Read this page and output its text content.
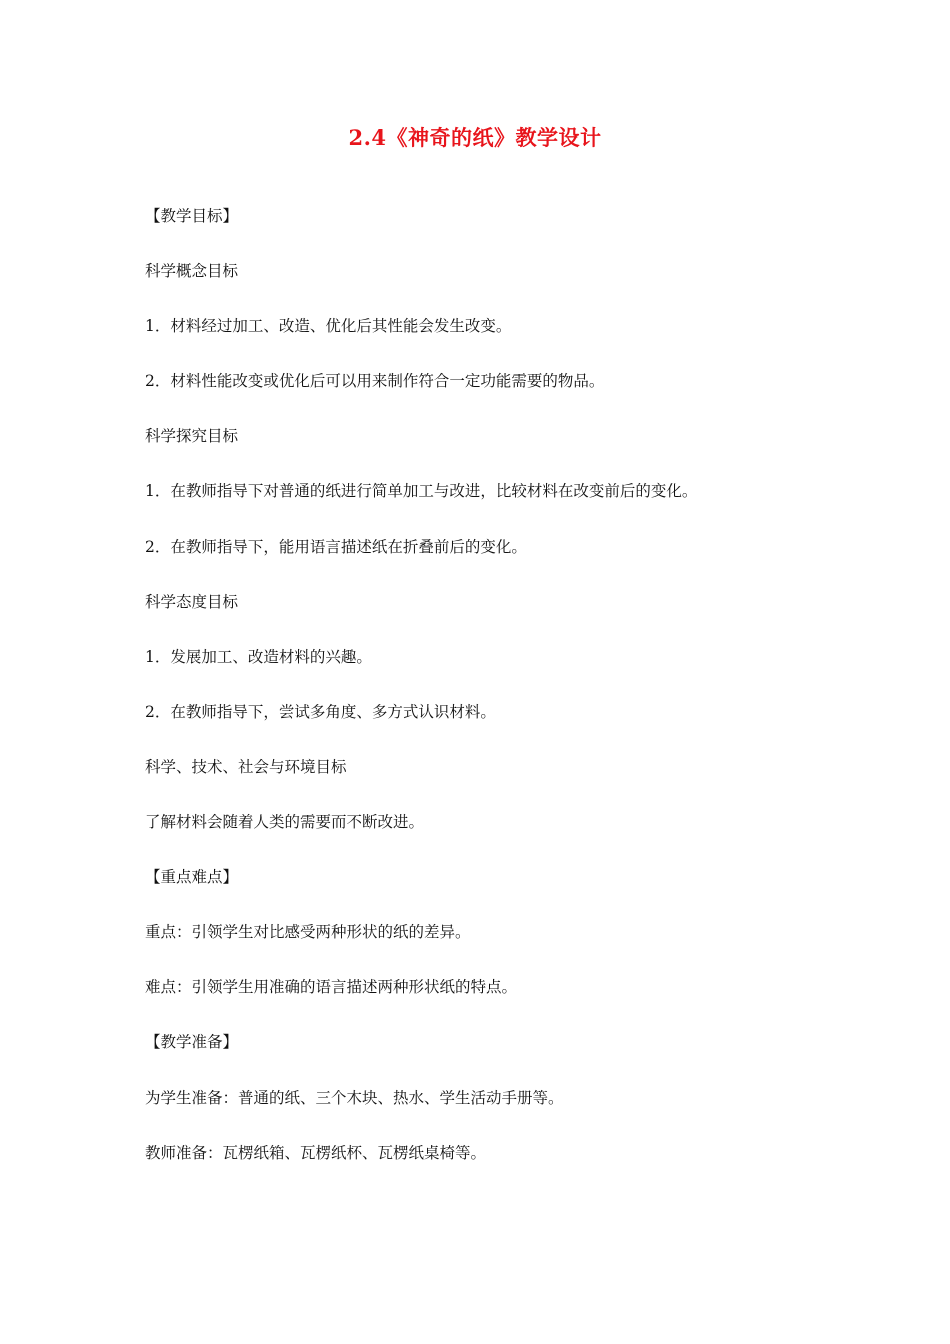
2.4《神奇的纸》教学设计
【教学目标】
科学概念目标
1．材料经过加工、改造、优化后其性能会发生改变。
2．材料性能改变或优化后可以用来制作符合一定功能需要的物品。
科学探究目标
1．在教师指导下对普通的纸进行简单加工与改进，比较材料在改变前后的变化。
2．在教师指导下，能用语言描述纸在折叠前后的变化。
科学态度目标
1．发展加工、改造材料的兴趣。
2．在教师指导下，尝试多角度、多方式认识材料。
科学、技术、社会与环境目标
了解材料会随着人类的需要而不断改进。
【重点难点】
重点：引领学生对比感受两种形状的纸的差异。
难点：引领学生用准确的语言描述两种形状纸的特点。
【教学准备】
为学生准备：普通的纸、三个木块、热水、学生活动手册等。
教师准备：瓦楞纸箱、瓦楞纸杯、瓦楞纸桌椅等。
